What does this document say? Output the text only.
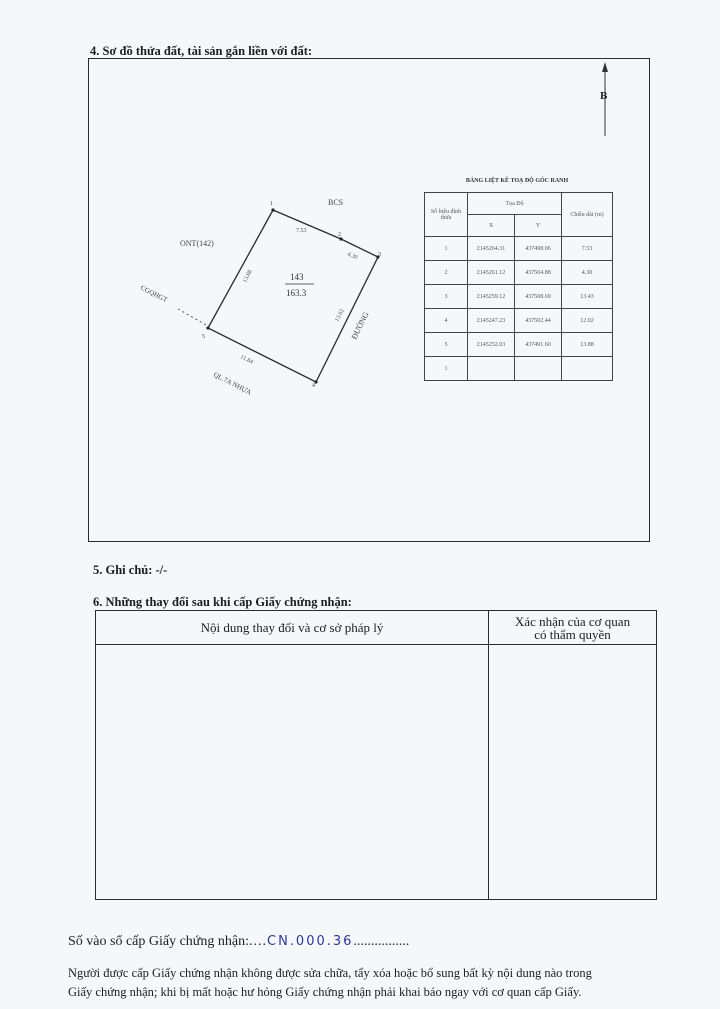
4. Sơ đồ thửa đất, tài sản gắn liền với đất:
B
1
2
3
4
5
7.53
4.30
13.62
11.84
13.88	143
163.3
BCS
ONT(142)
CGQHGT
ĐƯỜNG
QL.7A NHỰA
BẢNG LIỆT KÊ TOẠ ĐỘ GÓC RANH
Số hiệu đỉnh thửa	Tọa Độ		Chiều dài (m)
	X	Y	
1	2145264.31	437498.06	7.53
2	2145261.12	437504.88	4.30
3	2145259.12	437508.69	13.43
4	2145247.23	437502.44	12.02
5	2145252.03	437491.60	13.88
1			
5. Ghi chú: -/-
6. Những thay đổi sau khi cấp Giấy chứng nhận:
Nội dung thay đổi và cơ sở pháp lý	Xác nhận của cơ quan
có thẩm quyền

Số vào sổ cấp Giấy chứng nhận:....CN.000.36................
Người được cấp Giấy chứng nhận không được sửa chữa, tẩy xóa hoặc bổ sung bất kỳ nội dung nào trong
Giấy chứng nhận; khi bị mất hoặc hư hỏng Giấy chứng nhận phải khai báo ngay với cơ quan cấp Giấy.
